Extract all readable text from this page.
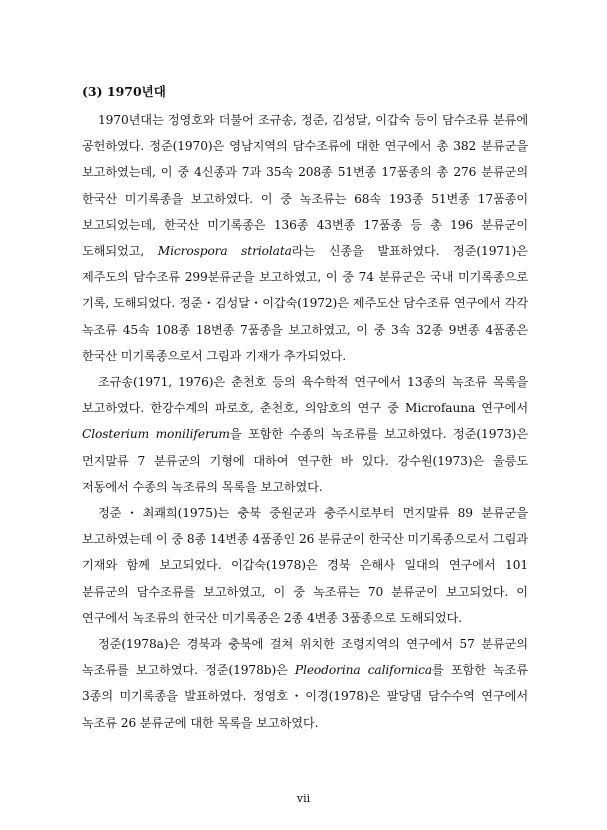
(3) 1970년대

1970년대는 정영호와 더불어 조규송, 정준, 김성달, 이갑숙 등이 담수조류 분류에 공헌하였다. 정준(1970)은 영남지역의 담수조류에 대한 연구에서 총 382 분류군을 보고하였는데, 이 중 4신종과 7과 35속 208종 51변종 17품종의 총 276 분류군의 한국산 미기록종을 보고하였다. 이 중 녹조류는 68속 193종 51변종 17품종이 보고되었는데, 한국산 미기록종은 136종 43변종 17품종 등 총 196 분류군이 도해되었고, Microspora striolata라는 신종을 발표하였다. 정준(1971)은 제주도의 담수조류 299분류군을 보고하였고, 이 중 74 분류군은 국내 미기록종으로 기록, 도해되었다. 정준・김성달・이갑숙(1972)은 제주도산 담수조류 연구에서 각각 녹조류 45속 108종 18변종 7품종을 보고하였고, 이 중 3속 32종 9변종 4품종은 한국산 미기록종으로서 그림과 기재가 추가되었다.

조규송(1971, 1976)은 춘천호 등의 육수학적 연구에서 13종의 녹조류 목록을 보고하였다. 한강수계의 파로호, 춘천호, 의암호의 연구 중 Microfauna 연구에서 Closterium moniliferum을 포함한 수종의 녹조류를 보고하였다. 정준(1973)은 먼지말류 7 분류군의 기형에 대하여 연구한 바 있다. 강수원(1973)은 울릉도 저동에서 수종의 녹조류의 목록을 보고하였다.

정준・최쾌희(1975)는 충북 중원군과 충주시로부터 먼지말류 89 분류군을 보고하였는데 이 중 8종 14변종 4품종인 26 분류군이 한국산 미기록종으로서 그림과 기재와 함께 보고되었다. 이갑숙(1978)은 경북 은해사 일대의 연구에서 101 분류군의 담수조류를 보고하였고, 이 중 녹조류는 70 분류군이 보고되었다. 이 연구에서 녹조류의 한국산 미기록종은 2종 4변종 3품종으로 도해되었다.

정준(1978a)은 경북과 충북에 걸쳐 위치한 조령지역의 연구에서 57 분류군의 녹조류를 보고하였다. 정준(1978b)은 Pleodorina californica를 포함한 녹조류 3종의 미기록종을 발표하였다. 정영호・이경(1978)은 팔당댐 담수수역 연구에서 녹조류 26 분류군에 대한 목록을 보고하였다.

vii
